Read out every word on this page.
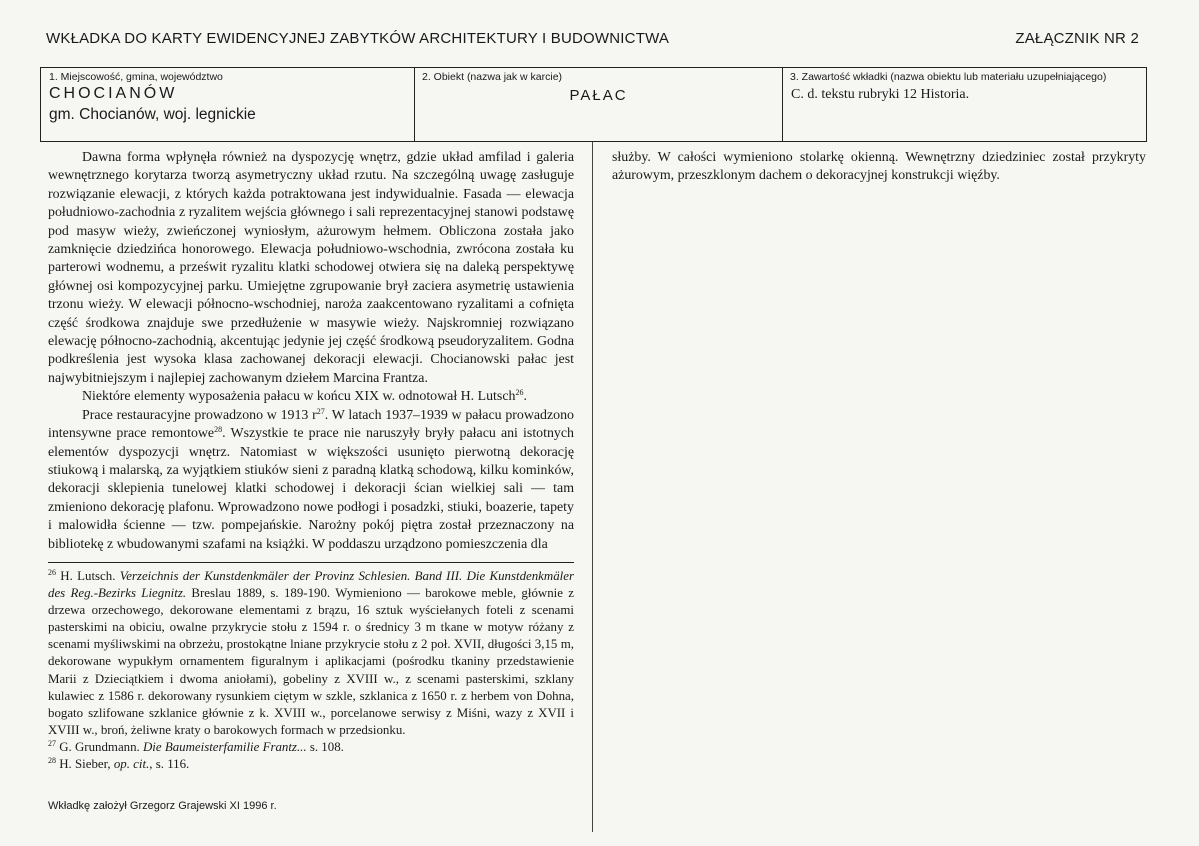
WKŁADKA DO KARTY EWIDENCYJNEJ ZABYTKÓW ARCHITEKTURY I BUDOWNICTWA	ZAŁĄCZNIK NR 2
1. Miejscowość, gmina, województwo
CHOCIANÓW
gm. Chocianów, woj. legnickie
2. Obiekt (nazwa jak w karcie)
PAŁAC
3. Zawartość wkładki (nazwa obiektu lub materiału uzupełniającego)
C. d. tekstu rubryki 12 Historia.

Dawna forma wpłynęła również na dyspozycję wnętrz, gdzie układ amfilad i galeria wewnętrznego korytarza tworzą asymetryczny układ rzutu. Na szczególną uwagę zasługuje rozwiązanie elewacji, z których każda potraktowana jest indywidualnie. Fasada — elewacja południowo-zachodnia z ryzalitem wejścia głównego i sali reprezentacyjnej stanowi podstawę pod masyw wieży, zwieńczonej wyniosłym, ażurowym hełmem. Obliczona została jako zamknięcie dziedzińca honorowego. Elewacja południowo-wschodnia, zwrócona została ku parterowi wodnemu, a prześwit ryzalitu klatki schodowej otwiera się na daleką perspektywę głównej osi kompozycyjnej parku. Umiejętne zgrupowanie brył zaciera asymetrię ustawienia trzonu wieży. W elewacji północno-wschodniej, naroża zaakcentowano ryzalitami a cofnięta część środkowa znajduje swe przedłużenie w masywie wieży. Najskromniej rozwiązano elewację północno-zachodnią, akcentując jedynie jej część środkową pseudoryzalitem. Godna podkreślenia jest wysoka klasa zachowanej dekoracji elewacji. Chocianowski pałac jest najwybitniejszym i najlepiej zachowanym dziełem Marcina Frantza.

Niektóre elementy wyposażenia pałacu w końcu XIX w. odnotował H. Lutsch$^{26}$.

Prace restauracyjne prowadzono w 1913 $r^{27}$. W latach 1937–1939 w pałacu prowadzono intensywne prace remontowe$^{28}$. Wszystkie te prace nie naruszyły bryły pałacu ani istotnych elementów dyspozycji wnętrz. Natomiast w większości usunięto pierwotną dekorację stiukową i malarską, za wyjątkiem stiuków sieni z paradną klatką schodową, kilku kominków, dekoracji sklepienia tunelowej klatki schodowej i dekoracji ścian wielkiej sali — tam zmieniono dekorację plafonu. Wprowadzono nowe podłogi i posadzki, stiuki, boazerie, tapety i malowidła ścienne — tzw. pompejańskie. Narożny pokój piętra został przeznaczony na bibliotekę z wbudowanymi szafami na książki. W poddaszu urządzono pomieszczenia dla

służby. W całości wymieniono stolarkę okienną. Wewnętrzny dziedziniec został przykryty ażurowym, przeszklonym dachem o dekoracyjnej konstrukcji więźby.

$^{26}$ H. Lutsch. Verzeichnis der Kunstdenkmäler der Provinz Schlesien. Band III. Die Kunstdenkmäler des Reg.-Bezirks Liegnitz. Breslau 1889, s. 189-190. Wymieniono — barokowe meble, głównie z drzewa orzechowego, dekorowane elementami z brązu, 16 sztuk wyściełanych foteli z scenami pasterskimi na obiciu, owalne przykrycie stołu z 1594 r. o średnicy 3 m tkane w motyw różany z scenami myśliwskimi na obrzeżu, prostokątne lniane przykrycie stołu z 2 poł. XVII, długości 3,15 m, dekorowane wypukłym ornamentem figuralnym i aplikacjami (pośrodku tkaniny przedstawienie Marii z Dzieciątkiem i dwoma aniołami), gobeliny z XVIII w., z scenami pasterskimi, szklany kulawiec z 1586 r. dekorowany rysunkiem ciętym w szkle, szklanica z 1650 r. z herbem von Dohna, bogato szlifowane szklanice głównie z k. XVIII w., porcelanowe serwisy z Miśni, wazy z XVII i XVIII w., broń, żeliwne kraty o barokowych formach w przedsionku.

$^{27}$ G. Grundmann. Die Baumeisterfamilie Frantz... s. 108.

$^{28}$ H. Sieber, op. cit., s. 116.

Wkładkę założył Grzegorz Grajewski XI 1996 r.
